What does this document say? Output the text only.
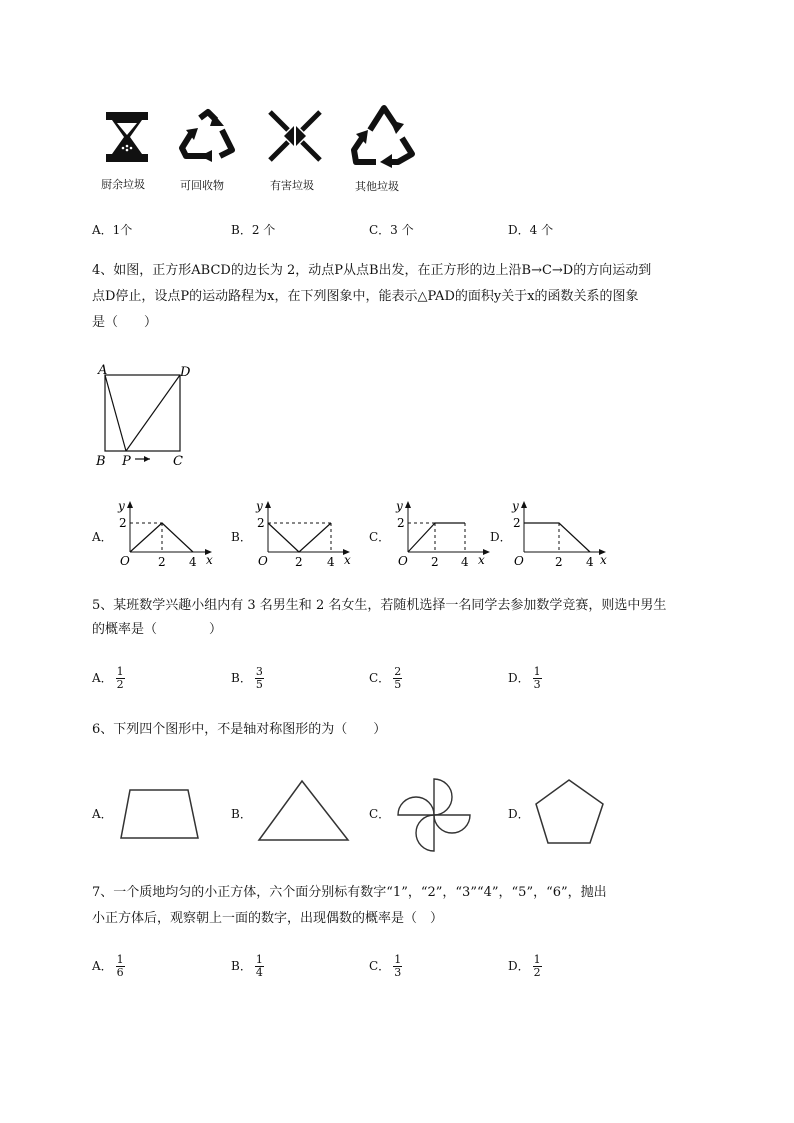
厨余垃圾	可回收物	有害垃圾	其他垃圾
A．1个	B．2 个	C．3 个	D．4 个
4、如图，正方形ABCD的边长为 2，动点P从点B出发，在正方形的边上沿B→C→D的方向运动到
点D停止，设点P的运动路程为x，在下列图象中，能表示△PAD的面积y关于x的函数关系的图象
是（　　）
A	D
B P	C
A．
y
2
O 2 4 x
B．
y
2
O 2 4 x
C．
y
2
O 2 4 x
D．
y
2
O	2 4 x
5、某班数学兴趣小组内有 3 名男生和 2 名女生，若随机选择一名同学去参加数学竞赛，则选中男生
的概率是（　　　　）
A． $\frac{1}{2}$	B． $\frac{3}{5}$	C． $\frac{2}{5}$	D． $\frac{1}{3}$
6、下列四个图形中，不是轴对称图形的为（　　）
A．	B．	C．	D．
7、一个质地均匀的小正方体，六个面分别标有数字“1”，“2”，“3”“4”，“5”，“6”，抛出
小正方体后，观察朝上一面的数字，出现偶数的概率是（　）
A． $\frac{1}{6}$	B． $\frac{1}{4}$	C． $\frac{1}{3}$	D． $\frac{1}{2}$
